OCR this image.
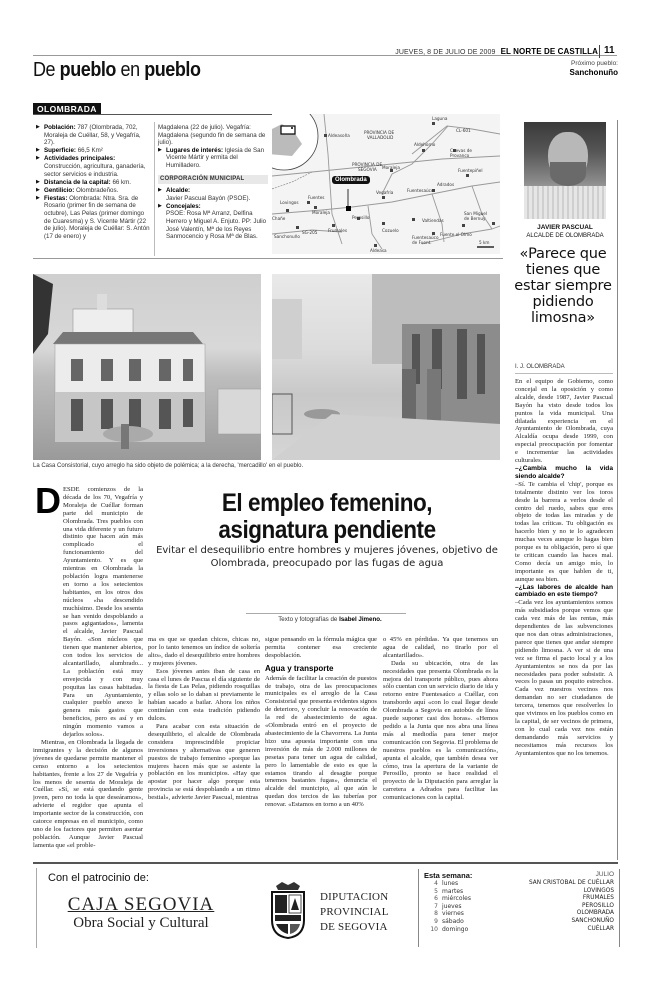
JUEVES, 8 DE JULIO DE 2009 EL NORTE DE CASTILLA 11
De pueblo en pueblo	Próximo pueblo:
Sanchonuño
OLOMBRADA
▶ Población: 787 (Olombrada, 702, Moraleja de Cuéllar, 58, y Vegafría, 27).
▶ Superficie: 66,5 Km²
▶ Actividades principales: Construcción, agricultura, ganadería, sector servicios e industria.
▶ Distancia de la capital: 66 km.
▶ Gentilicio: Olombradeños.
▶ Fiestas: Olombrada: Ntra. Sra. de Rosario (primer fin de semana de octubre), Las Pelas (primer domingo de Cuaresma) y S. Vicente Mártir (22 de julio). Moraleja de Cuéllar: S. Antón (17 de enero) y
Magdalena (22 de julio). Vegafría: Magdalena (segundo fin de semana de julio).
▶ Lugares de interés: Iglesia de San Vicente Mártir y ermita del Humilladero.
CORPORACIÓN MUNICIPAL
▶ Alcalde:
Javier Pascual Bayón (PSOE).
▶ Concejales:
PSOE: Rosa Mª Arranz, Delfina Herrero y Miguel A. Enjuto. PP: Julio José Valentín, Mª de los Reyes Sanmocencio y Rosa Mª de Blas.
Aldeasoña
PROVINCIA DE
VALLADOLID
PROVINCIA DE
SEGOVIA
Laguna
Aldehorno
Cuevas de
Provanco
Moraleja
Fuentepiñel
Adrados
Fuentesaúco
Vegafría
Fuentes
Lovingos
Moraleja
Chañe	Perosillo
Cozuelo
Valtiendas
San Miguel
de Bernuy
Fuentesaúco
de Fuent.
Fuente el Olmo
Frumales
Aldeasa
Sanchonuño
SG-205
CL-601
5 km
Olombrada
JAVIER PASCUAL
ALCALDE DE OLOMBRADA
«Parece que tienes que estar siempre pidiendo limosna»
La Casa Consistorial, cuyo arreglo ha sido objeto de polémica; a la derecha, 'mercadillo' en el pueblo.
El empleo femenino,
asignatura pendiente
Evitar el desequilibrio entre hombres y mujeres jóvenes, objetivo de Olombrada, preocupado por las fugas de agua
Texto y fotografías de Isabel Jimeno.
D ESDE comienzos de la década de los 70, Vegafría y Moraleja de Cuéllar forman parte del municipio de Olombrada. Tres pueblos con una vida diferente y un futuro distinto que hacen aún más complicado el funcionamiento del Ayuntamiento. Y es que mientras en Olombrada la población logra mantenerse en torno a los setecientos habitantes, en los otros dos núcleos «ha descendido muchísimo. Desde los sesenta se han venido despoblando a pasos agigantados», lamenta el alcalde, Javier Pascual Bayón. «Son núcleos que tienen que mantener abiertos, con todos los servicios de alcantarillado, alumbrado... La población está muy envejecida y con muy poquitas las casas habitadas. Para un Ayuntamiento, cualquier pueblo anexo le genera más gastos que beneficios, pero es así y en ningún momento vamos a dejarlos solos».

Mientras, en Olombrada la llegada de inmigrantes y la decisión de algunos jóvenes de quedarse permite mantener el censo entorno a los setecientos habitantes, frente a los 27 de Vegafría y los menos de sesenta de Moraleja de Cuéllar. «Sí, se está quedando gente joven, pero no toda la que deseáramos», advierte el regidor que apunta el importante sector de la construcción, con catorce empresas en el municipio, como uno de los factores que permiten asentar población. Aunque Javier Pascual lamenta que «el proble-

ma es que se quedan chicos, chicas no, por lo tanto tenemos un índice de soltería alto», dado el desequilibrio entre hombres y mujeres jóvenes.

Esos jóvenes antes iban de casa en casa el lunes de Pascua el día siguiente de la fiesta de Las Pelas, pidiendo rosquillas y ellas solo se lo daban si previamente le habían sacado a bailar. Ahora los niños continúan con esta tradición pidiendo dulces.

Para acabar con esta situación de desequilibrio, el alcalde de Olombrada considera imprescindible propiciar inversiones y alternativas que generen puestos de trabajo femenino «porque las mujeres hacen más que se asiente la población en los municipios. «Hay que apostar por hacer algo porque esta provincia se está despoblando a un ritmo bestial», advierte Javier Pascual, mientras

sigue pensando en la fórmula mágica que permita contener esa creciente despoblación.

Agua y transporte

Además de facilitar la creación de puestos de trabajo, otra de las preocupaciones municipales es el arreglo de la Casa Consistorial que presenta evidentes signos de deterioro, y concluir la renovación de la red de abastecimiento de agua. «Olombrada entró en el proyecto de abastecimiento de la Chavorrera. La Junta hizo una apuesta importante con una inversión de más de 2.000 millones de pesetas para tener un agua de calidad, pero lo lamentable de esto es que la estamos tirando al desagüe porque tenemos bastantes fugas», denuncia el alcalde del municipio, al que aún le quedan dos tercios de las tuberías por renovar. «Estamos en torno a un 40%

o 45% en pérdidas. Ya que tenemos un agua de calidad, no tirarlo por el alcantarillado».

Dada su ubicación, otra de las necesidades que presenta Olombrada es la mejora del transporte público, pues ahora sólo cuentan con un servicio diario de ida y retorno entre Fuentesaúco a Cuéllar, con transbordo aquí «con lo cual llegar desde Olombrada a Segovia en autobús de línea puede suponer casi dos horas». «Hemos pedido a la Junta que nos abra una línea más al mediodía para tener mejor comunicación con Segovia. El problema de nuestros pueblos es la comunicación», apunta el alcalde, que también desea ver cómo, tras la apertura de la variante de Perosillo, pronto se hace realidad el proyecto de la Diputación para arreglar la carretera a Adrados para facilitar las comunicaciones con la capital.

I. J. OLOMBRADA

En el equipo de Gobierno, como concejal en la oposición y como alcalde, desde 1987, Javier Pascual Bayón ha visto desde todos los puntos la vida municipal. Una dilatada experiencia en el Ayuntamiento de Olombrada, cuya Alcaldía ocupa desde 1999, con especial preocupación por fomentar e incrementar las actividades culturales.

–¿Cambia mucho la vida siendo alcalde?

–Sí. Te cambia el 'chip', porque es totalmente distinto ver los toros desde la barrera a verlos desde el centro del ruedo, sabes que eres objeto de todas las miradas y de todas las críticas. Tu obligación es hacerlo bien y no te lo agradecen muchas veces aunque lo hagas bien porque es tu obligación, pero sí que te critican cuando las haces mal. Como decía un amigo mío, lo importante es que hablen de ti, aunque sea bien.

–¿Las labores de alcalde han cambiado en este tiempo?

–Cada vez los ayuntamientos somos más subsidiados porque vemos que cada vez más de las rentas, más dependientes de las subvenciones que nos dan otras administraciones, parece que tienes que andar siempre pidiendo limosna. A ver si de una vez se firma el pacto local y a los Ayuntamientos se nos da por las necesidades para poder subsistir. A veces lo pasas un poquito estrechos. Cada vez nuestros vecinos nos demandan no ser ciudadanos de tercera, tenemos que resolverles lo que vivimos en los pueblos como en la capital, de ser vecinos de primera, con lo cual cada vez nos están demandando más servicios y necesitamos más recursos los Ayuntamientos que no los tenemos.

Con el patrocinio de:
CAJA SEGOVIA
Obra Social y Cultural
DIPUTACION
PROVINCIAL
DE SEGOVIA
Esta semana:	JULIO
4 lunes	SAN CRISTOBAL DE CUÉLLAR
5 martes	LOVINGOS
6 miércoles	FRUMALES
7 jueves	PEROSILLO
8 viernes	OLOMBRADA
9 sábado	SANCHONUÑO
10 domingo	CUÉLLAR
